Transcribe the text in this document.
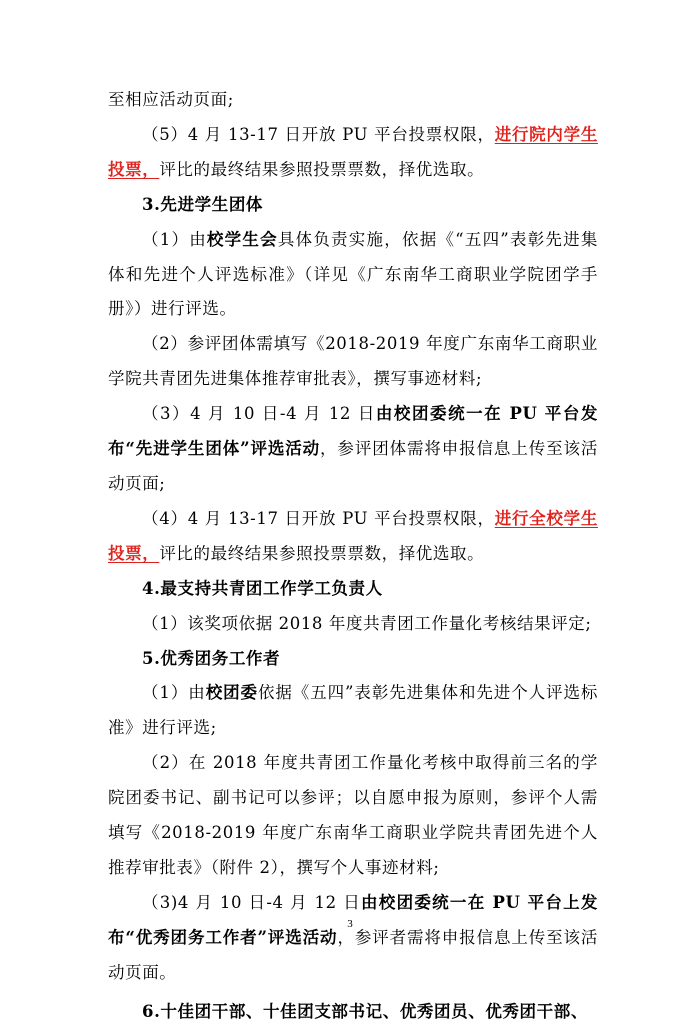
至相应活动页面;

（5）4 月 13-17 日开放 PU 平台投票权限，进行院内学生投票，评比的最终结果参照投票票数，择优选取。

3.先进学生团体

（1）由校学生会具体负责实施，依据《“五四”表彰先进集体和先进个人评选标准》（详见《广东南华工商职业学院团学手册》）进行评选。

（2）参评团体需填写《2018-2019 年度广东南华工商职业学院共青团先进集体推荐审批表》，撰写事迹材料;

（3）4 月 10 日-4 月 12 日由校团委统一在 PU 平台发布“先进学生团体”评选活动，参评团体需将申报信息上传至该活动页面;

（4）4 月 13-17 日开放 PU 平台投票权限，进行全校学生投票，评比的最终结果参照投票票数，择优选取。

4.最支持共青团工作学工负责人

（1）该奖项依据 2018 年度共青团工作量化考核结果评定;

5.优秀团务工作者

（1）由校团委依据《五四”表彰先进集体和先进个人评选标准》进行评选;

（2）在 2018 年度共青团工作量化考核中取得前三名的学院团委书记、副书记可以参评；以自愿申报为原则，参评个人需填写《2018-2019 年度广东南华工商职业学院共青团先进个人推荐审批表》（附件 2），撰写个人事迹材料;

（3)4 月 10 日-4 月 12 日由校团委统一在 PU 平台上发布“优秀团务工作者”评选活动，参评者需将申报信息上传至该活动页面。

6.十佳团干部、十佳团支部书记、优秀团员、优秀团干部、

3
